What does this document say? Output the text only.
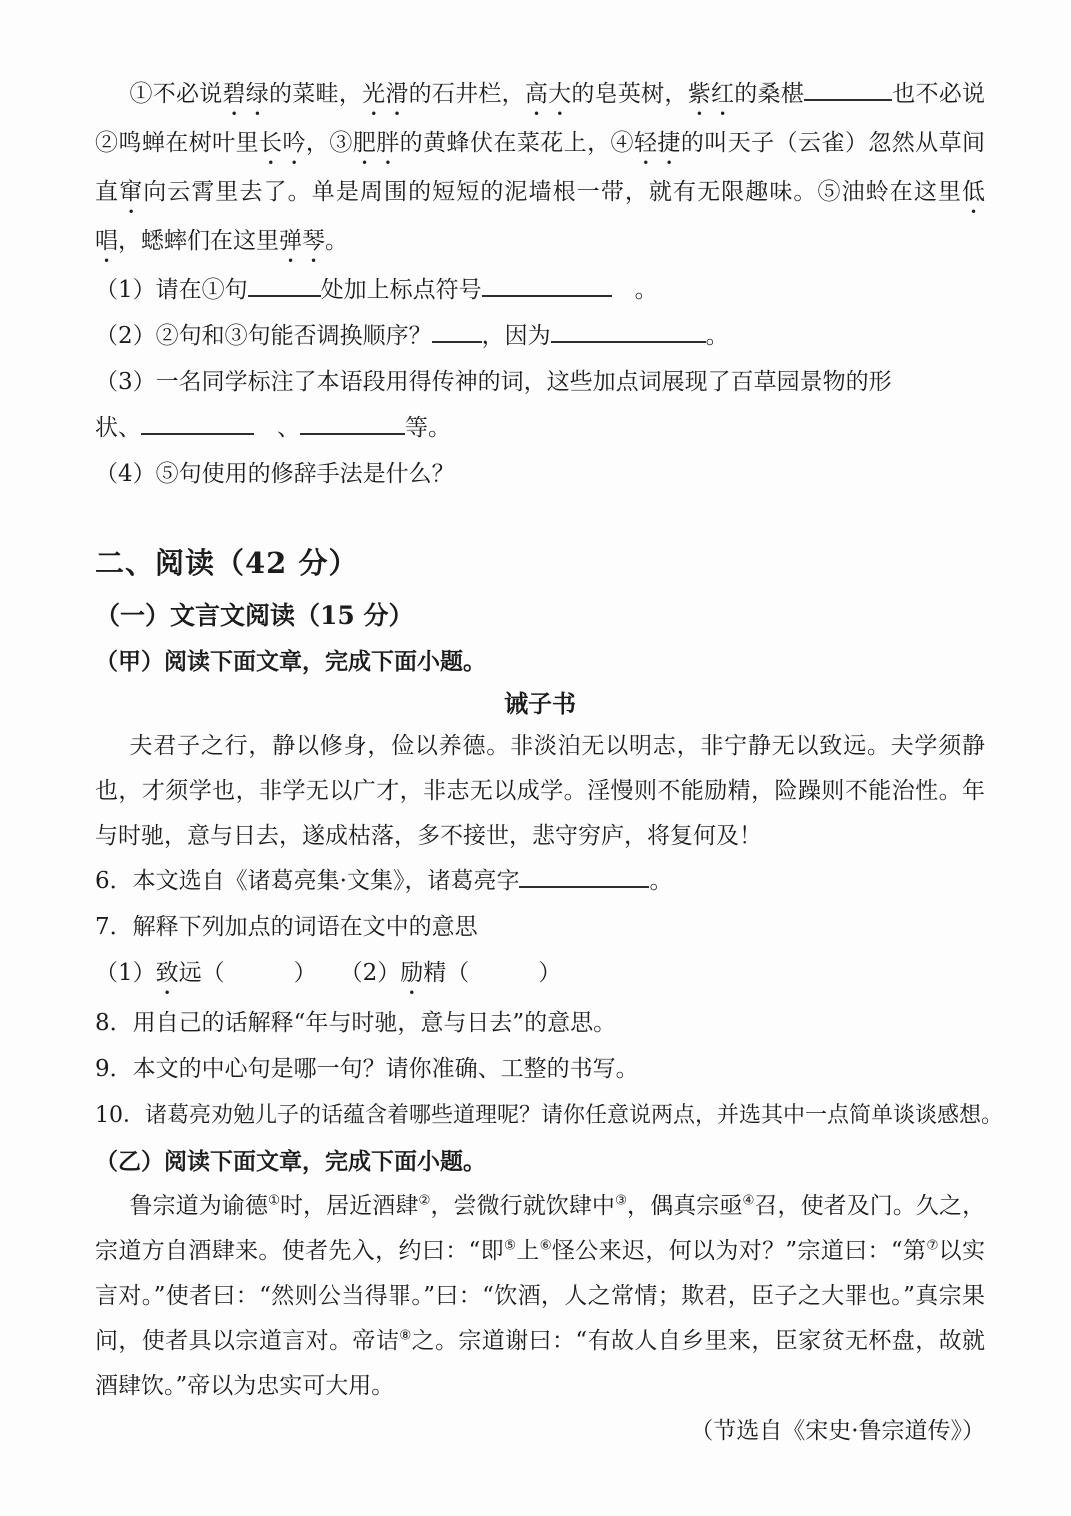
①不必说碧绿的菜畦，光滑的石井栏，高大的皂英树，紫红的桑椹	也不必说②鸣蝉在树叶里长吟，③肥胖的黄蜂伏在菜花上，④轻捷的叫天子（云雀）忽然从草间直窜向云霄里去了。单是周围的短短的泥墙根一带，就有无限趣味。⑤油蛉在这里低唱，蟋蟀们在这里弹琴。

（1）请在①句	处加上标点符号	　。

（2）②句和③句能否调换顺序？ ，因为	。

（3）一名同学标注了本语段用得传神的词，这些加点词展现了百草园景物的形

状、	　、	等。

（4）⑤句使用的修辞手法是什么？

二、阅读（42 分）

（一）文言文阅读（15 分）

（甲）阅读下面文章，完成下面小题。

诫子书

夫君子之行，静以修身，俭以养德。非淡泊无以明志，非宁静无以致远。夫学须静也，才须学也，非学无以广才，非志无以成学。淫慢则不能励精，险躁则不能治性。年与时驰，意与日去，遂成枯落，多不接世，悲守穷庐，将复何及！

6．本文选自《诸葛亮集·文集》，诸葛亮字	。

7．解释下列加点的词语在文中的意思

（1）致远（　　　）　　（2）励精（　　　）

8．用自己的话解释“年与时驰，意与日去”的意思。

9．本文的中心句是哪一句？请你准确、工整的书写。

10．诸葛亮劝勉儿子的话蕴含着哪些道理呢？请你任意说两点，并选其中一点简单谈谈感想。

（乙）阅读下面文章，完成下面小题。

鲁宗道为谕德①时，居近酒肆②，尝微行就饮肆中③，偶真宗亟④召，使者及门。久之，宗道方自酒肆来。使者先入，约曰：“即⑤上⑥怪公来迟，何以为对？”宗道曰：“第⑦以实言对。”使者曰：“然则公当得罪。”曰：“饮酒，人之常情；欺君，臣子之大罪也。”真宗果问，使者具以宗道言对。帝诘⑧之。宗道谢曰：“有故人自乡里来，臣家贫无杯盘，故就酒肆饮。”帝以为忠实可大用。

（节选自《宋史·鲁宗道传》）
